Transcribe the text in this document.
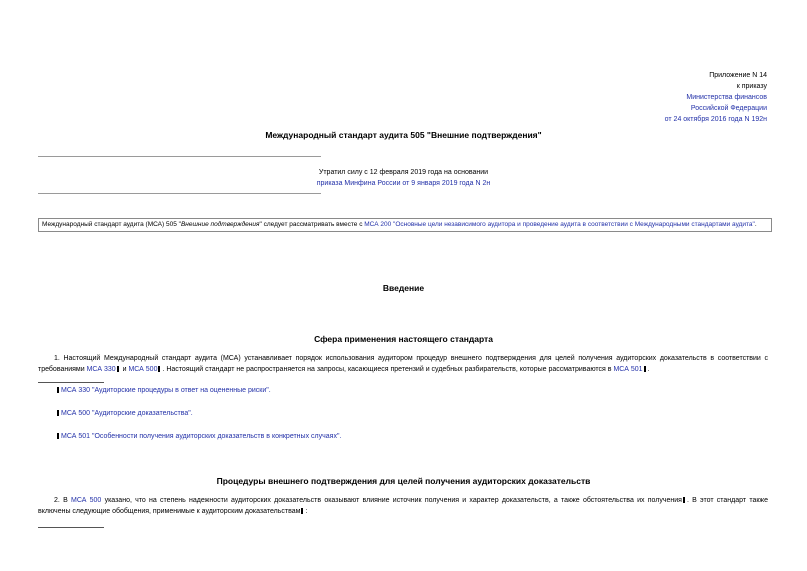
Приложение N 14
к приказу
Министерства финансов
Российской Федерации
от 24 октября 2016 года N 192н
Международный стандарт аудита 505 "Внешние подтверждения"
Утратил силу с 12 февраля 2019 года на основании
приказа Минфина России от 9 января 2019 года N 2н
Международный стандарт аудита (МСА) 505 "Внешние подтверждения" следует рассматривать вместе с МСА 200 "Основные цели независимого аудитора и проведение аудита в соответствии с Международными стандартами аудита".
Введение
Сфера применения настоящего стандарта
1. Настоящий Международный стандарт аудита (МСА) устанавливает порядок использования аудитором процедур внешнего подтверждения для целей получения аудиторских доказательств в соответствии с требованиями МСА 330 и МСА 500 . Настоящий стандарт не распространяется на запросы, касающиеся претензий и судебных разбирательств, которые рассматриваются в МСА 501 .
МСА 330 "Аудиторские процедуры в ответ на оцененные риски".
МСА 500 "Аудиторские доказательства".
МСА 501 "Особенности получения аудиторских доказательств в конкретных случаях".
Процедуры внешнего подтверждения для целей получения аудиторских доказательств
2. В МСА 500 указано, что на степень надежности аудиторских доказательств оказывают влияние источник получения и характер доказательств, а также обстоятельства их получения . В этот стандарт также включены следующие обобщения, применимые к аудиторским доказательствам :
